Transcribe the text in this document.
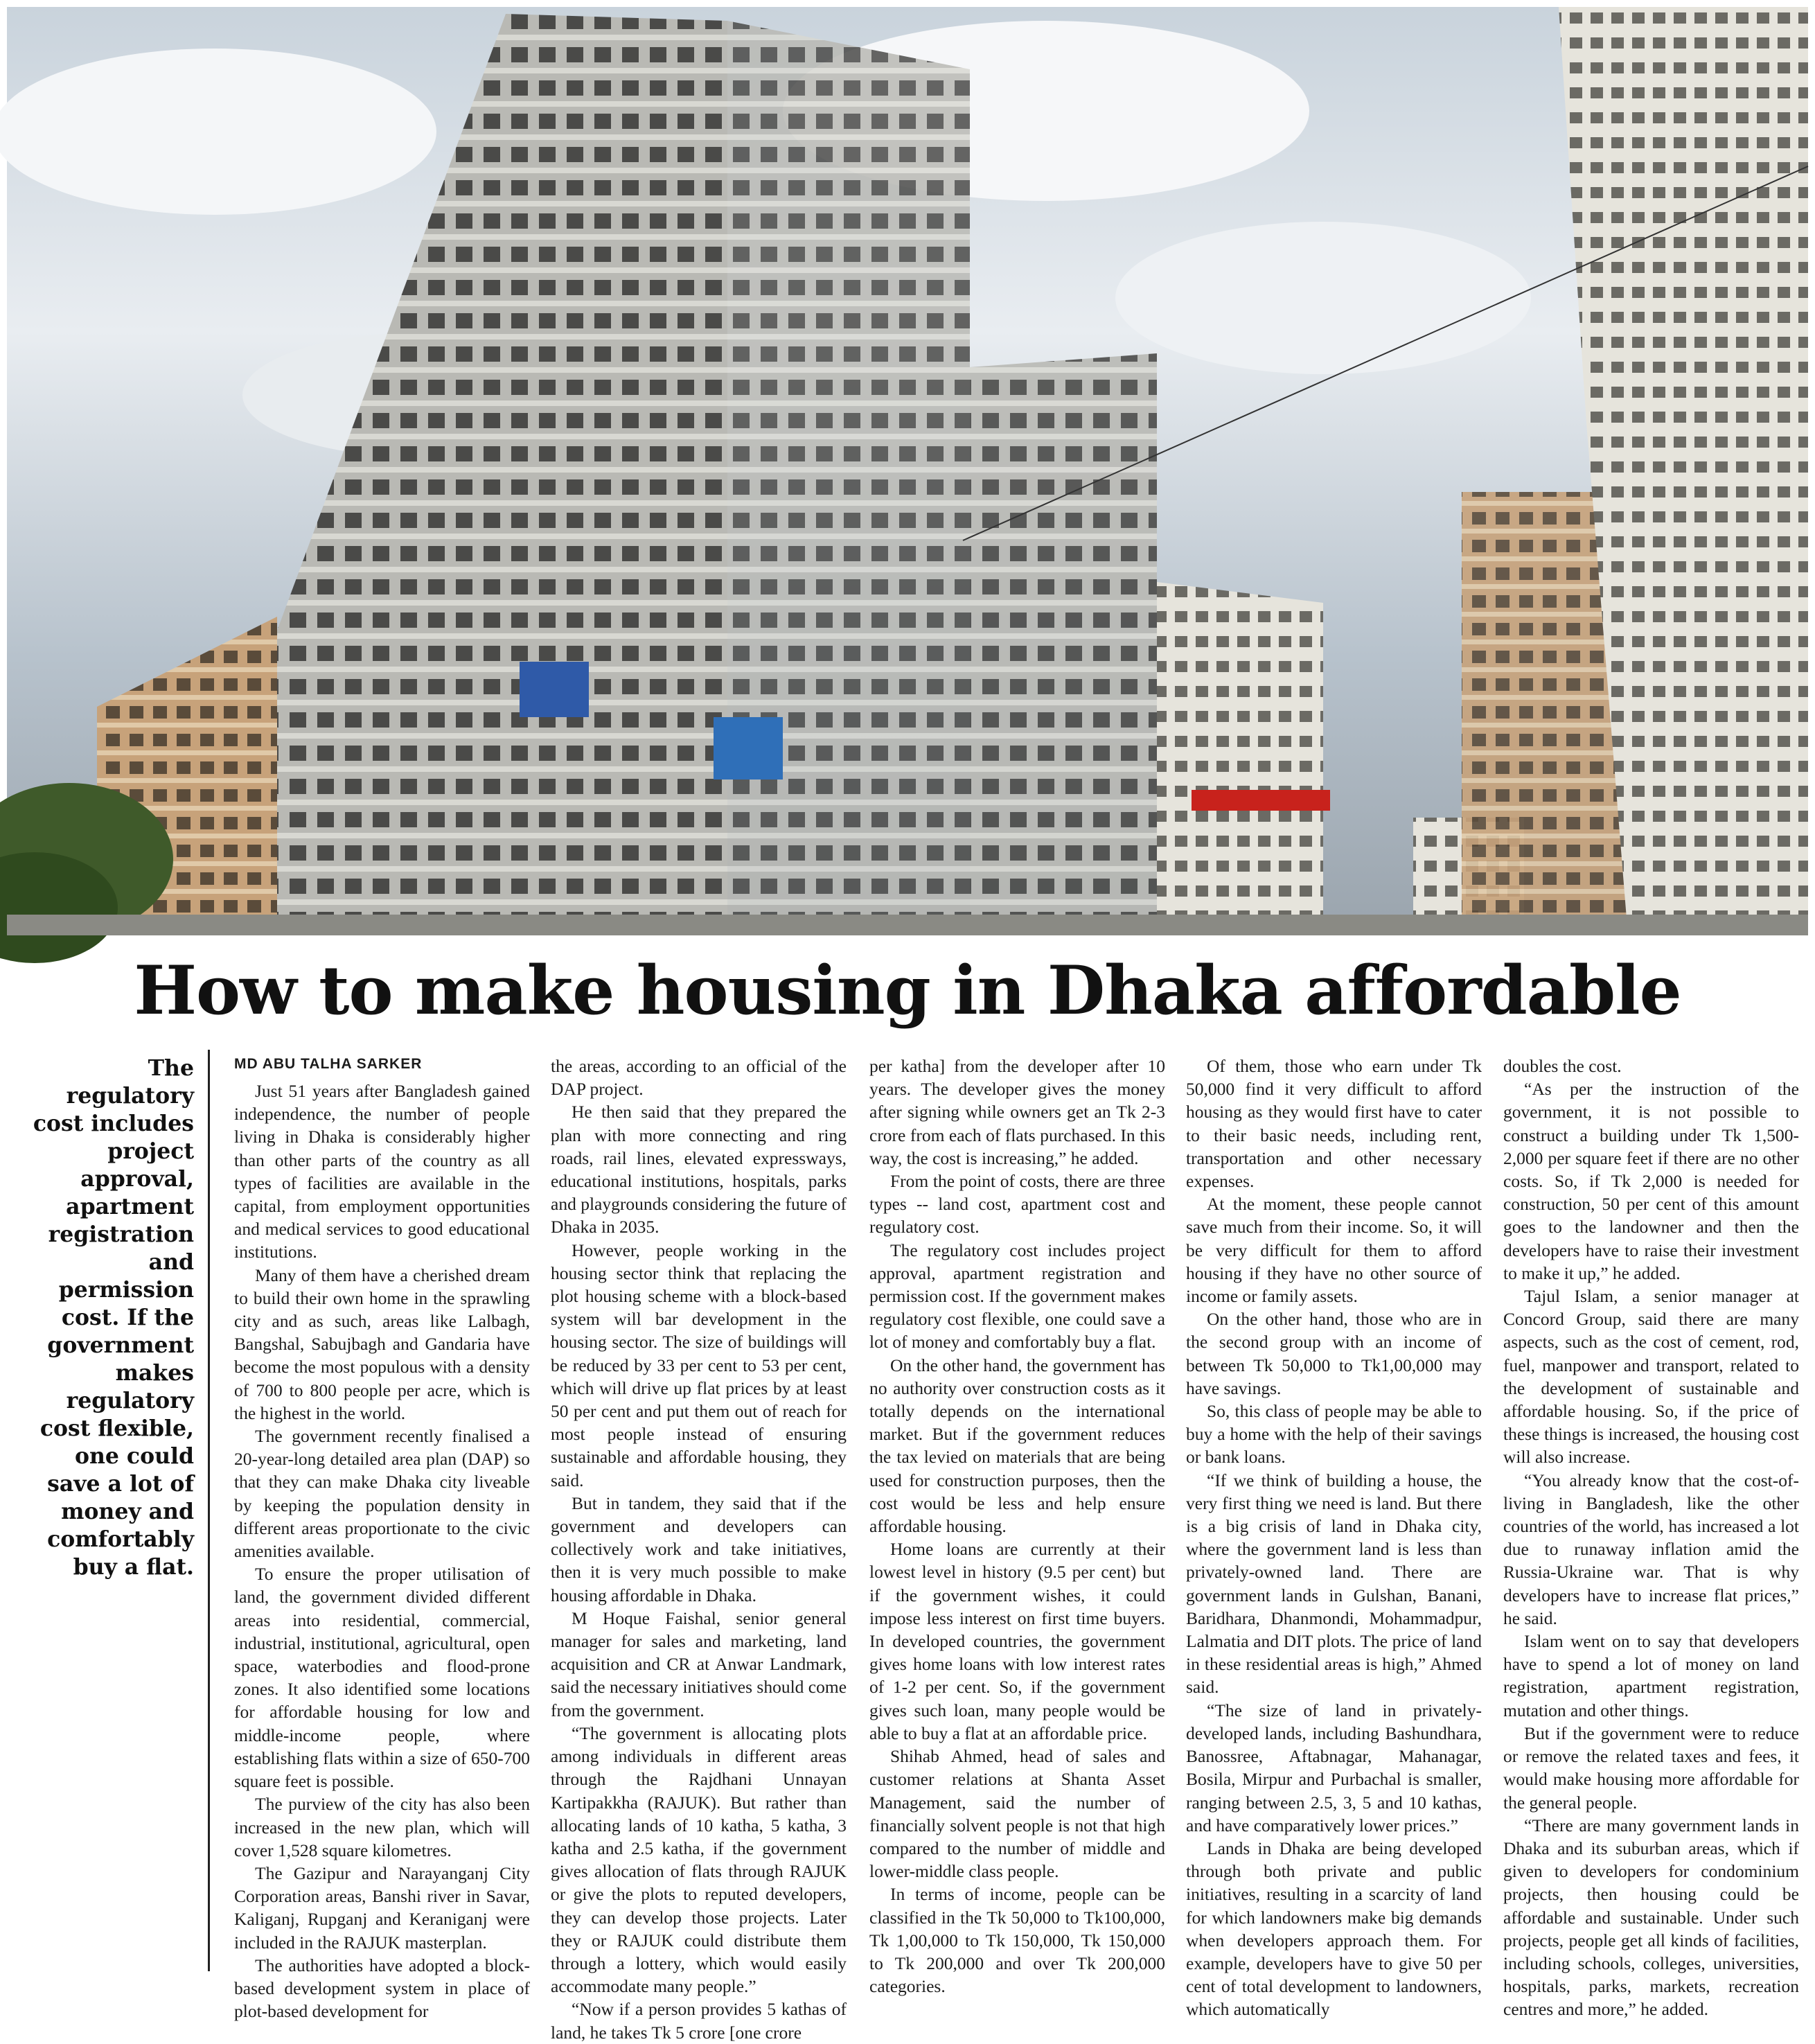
How to make housing in Dhaka affordable
The regulatory cost includes project approval, apartment registration and permission cost. If the government makes regulatory cost flexible, one could save a lot of money and comfortably buy a flat.

MD ABU TALHA SARKER

Just 51 years after Bangladesh gained independence, the number of people living in Dhaka is considerably higher than other parts of the country as all types of facilities are available in the capital, from employment opportunities and medical services to good educational institutions.

Many of them have a cherished dream to build their own home in the sprawling city and as such, areas like Lalbagh, Bangshal, Sabujbagh and Gandaria have become the most populous with a density of 700 to 800 people per acre, which is the highest in the world.

The government recently finalised a 20-year-long detailed area plan (DAP) so that they can make Dhaka city liveable by keeping the population density in different areas proportionate to the civic amenities available.

To ensure the proper utilisation of land, the government divided different areas into residential, commercial, industrial, institutional, agricultural, open space, waterbodies and flood-prone zones. It also identified some locations for affordable housing for low and middle-income people, where establishing flats within a size of 650-700 square feet is possible.

The purview of the city has also been increased in the new plan, which will cover 1,528 square kilometres.

The Gazipur and Narayanganj City Corporation areas, Banshi river in Savar, Kaliganj, Rupganj and Keraniganj were included in the RAJUK masterplan.

The authorities have adopted a block-based development system in place of plot-based development for

the areas, according to an official of the DAP project.

He then said that they prepared the plan with more connecting and ring roads, rail lines, elevated expressways, educational institutions, hospitals, parks and playgrounds considering the future of Dhaka in 2035.

However, people working in the housing sector think that replacing the plot housing scheme with a block-based system will bar development in the housing sector. The size of buildings will be reduced by 33 per cent to 53 per cent, which will drive up flat prices by at least 50 per cent and put them out of reach for most people instead of ensuring sustainable and affordable housing, they said.

But in tandem, they said that if the government and developers can collectively work and take initiatives, then it is very much possible to make housing affordable in Dhaka.

M Hoque Faishal, senior general manager for sales and marketing, land acquisition and CR at Anwar Landmark, said the necessary initiatives should come from the government.

“The government is allocating plots among individuals in different areas through the Rajdhani Unnayan Kartipakkha (RAJUK). But rather than allocating lands of 10 katha, 5 katha, 3 katha and 2.5 katha, if the government gives allocation of flats through RAJUK or give the plots to reputed developers, they can develop those projects. Later they or RAJUK could distribute them through a lottery, which would easily accommodate many people.”

“Now if a person provides 5 kathas of land, he takes Tk 5 crore [one crore

per katha] from the developer after 10 years. The developer gives the money after signing while owners get an Tk 2-3 crore from each of flats purchased. In this way, the cost is increasing,” he added.

From the point of costs, there are three types -- land cost, apartment cost and regulatory cost.

The regulatory cost includes project approval, apartment registration and permission cost. If the government makes regulatory cost flexible, one could save a lot of money and comfortably buy a flat.

On the other hand, the government has no authority over construction costs as it totally depends on the international market. But if the government reduces the tax levied on materials that are being used for construction purposes, then the cost would be less and help ensure affordable housing.

Home loans are currently at their lowest level in history (9.5 per cent) but if the government wishes, it could impose less interest on first time buyers. In developed countries, the government gives home loans with low interest rates of 1-2 per cent. So, if the government gives such loan, many people would be able to buy a flat at an affordable price.

Shihab Ahmed, head of sales and customer relations at Shanta Asset Management, said the number of financially solvent people is not that high compared to the number of middle and lower-middle class people.

In terms of income, people can be classified in the Tk 50,000 to Tk100,000, Tk 1,00,000 to Tk 150,000, Tk 150,000 to Tk 200,000 and over Tk 200,000 categories.

Of them, those who earn under Tk 50,000 find it very difficult to afford housing as they would first have to cater to their basic needs, including rent, transportation and other necessary expenses.

At the moment, these people cannot save much from their income. So, it will be very difficult for them to afford housing if they have no other source of income or family assets.

On the other hand, those who are in the second group with an income of between Tk 50,000 to Tk1,00,000 may have savings.

So, this class of people may be able to buy a home with the help of their savings or bank loans.

“If we think of building a house, the very first thing we need is land. But there is a big crisis of land in Dhaka city, where the government land is less than privately-owned land. There are government lands in Gulshan, Banani, Baridhara, Dhanmondi, Mohammadpur, Lalmatia and DIT plots. The price of land in these residential areas is high,” Ahmed said.

“The size of land in privately-developed lands, including Bashundhara, Banossree, Aftabnagar, Mahanagar, Bosila, Mirpur and Purbachal is smaller, ranging between 2.5, 3, 5 and 10 kathas, and have comparatively lower prices.”

Lands in Dhaka are being developed through both private and public initiatives, resulting in a scarcity of land for which landowners make big demands when developers approach them. For example, developers have to give 50 per cent of total development to landowners, which automatically

doubles the cost.

“As per the instruction of the government, it is not possible to construct a building under Tk 1,500-2,000 per square feet if there are no other costs. So, if Tk 2,000 is needed for construction, 50 per cent of this amount goes to the landowner and then the developers have to raise their investment to make it up,” he added.

Tajul Islam, a senior manager at Concord Group, said there are many aspects, such as the cost of cement, rod, fuel, manpower and transport, related to the development of sustainable and affordable housing. So, if the price of these things is increased, the housing cost will also increase.

“You already know that the cost-of-living in Bangladesh, like the other countries of the world, has increased a lot due to runaway inflation amid the Russia-Ukraine war. That is why developers have to increase flat prices,” he said.

Islam went on to say that developers have to spend a lot of money on land registration, apartment registration, mutation and other things.

But if the government were to reduce or remove the related taxes and fees, it would make housing more affordable for the general people.

“There are many government lands in Dhaka and its suburban areas, which if given to developers for condominium projects, then housing could be affordable and sustainable. Under such projects, people get all kinds of facilities, including schools, colleges, universities, hospitals, parks, markets, recreation centres and more,” he added.
